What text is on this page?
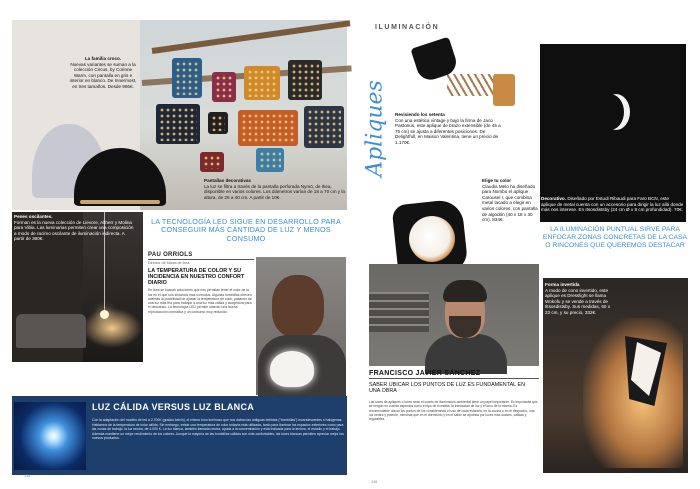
La familia croco.
Nuevas variantes se suman a la colección Circus, by Corinne Warm, con pantalla en gris e interior en blanco. De Innermost, en tres tamaños. Desde 966€.
Pantallas decorativas
La luz se filtra a través de la pantalla perforada Nymö, de Ikea, disponible en varios colores. Los diámetros varían de 18 a 70 cm y la altura, de 25 a 40 cm. A partir de 10€.
Penes oscilantes.
Forman es la nueva colección de Lievore, Altherr y Molina para Vibia. Las luminarias permiten crear una composición a modo de racimo oscilante de iluminación indirecta. A partir de 360€.
LA TECNOLOGÍA LED SIGUE EN DESARROLLO PARA CONSEGUIR MÁS CANTIDAD DE LUZ Y MENOS CONSUMO
PAU ORRIOLS
Director de Marca de Ikea
LA TEMPERATURA DE COLOR Y SU INCIDENCIA EN NUESTRO CONFORT DIARIO
En Ikea se buscan soluciones que nos permitan tener el color de la luz en el que nos sintamos mas cómodos. Algunas bombillas ofrecen además la posibilidad de ajustar la temperatura de color, pasando de una luz más fría para trabajar a una luz más cálida y acogedora para el descanso. La tecnología LED permite obtener una buena reproducción cromática y un consumo muy reducido.
LUZ CÁLIDA VERSUS LUZ BLANCA
Con la adaptación del modelo de led a 2.700K (grados kelvin), el mismo tono luminoso que nos daban las antiguas bebidas ("bombillas") incandescentes o halógenas. Hablamos de la temperatura de color cálida. Sin embargo, existe una temperatura de color todavía más utilizada, tanto para iluminar los espacios exteriores como para las zonas de trabajo: la luz neutra, de 4.000 K. La luz blanca, también llamada neutra, ayuda a la concentración y está indicada para la lectura, el estudio y el trabajo. Además mantiene un mejor rendimiento de los colores. Aunque la mayoría de las bombillas cálidas son más confortables, las luces blancas permiten apreciar mejor los nuevos productos.
136
ILUMINACIÓN
Apliques Revisiendo los setenta
Con una estética vintage y bajo la firma de Jaco Pastorius, este aplique de brazo extensible (de 45 a 75 cm) se ajusta a diferentes posiciones. De Delightfull, en Maison Valentina, tiene un precio de 1.170€.
Decorativo. Diseñado por Estudi Ribaudi para Faro BCN, este aplique de metal cuenta con un accesorio para dirigir la luz allá donde más nos interese. En Itsosdistsby (24 cm Ø x 8 cm profundidad). 70€.
Elige tu color
Claudia Melo ha diseñado para Nombo el aplique Carousel I, que combina metal lacado a elegir en varios colores, con pantalla de algodón (40 x 18 x 30 cm). 834€.
LA ILUMINACIÓN PUNTUAL SIRVE PARA ENFOCAR ZONAS CONCRETAS DE LA CASA O RINCONES QUE QUEREMOS DESTACAR
FRANCISCO JAVIER SÁNCHEZ
SABER UBICAR LOS PUNTOS DE LUZ ES FUNDAMENTAL EN UNA OBRA
Las luces de apliques o luces sean el cuarto de iluminación ambiental tiene un papel importante. Es importante que se tengan en cuenta aspectos como el tipo de bombilla, la intensidad de luz y el tono de la misma. Es recomendable ubicar los puntos de luz considerando el uso de cada estancia; en la cocina o en el despacho, una luz neutra y potente, mientras que en el dormitorio y en el salón se apuesta por luces más suaves, cálidas y regulables.
Forma invertida
A modo de cono invertido, este aplique es Dresslight se llama Wokofu y se vende a través de Iltsosdistsby. Sus medidas, 60 x 23 cm, y su precio, 332€.
138
